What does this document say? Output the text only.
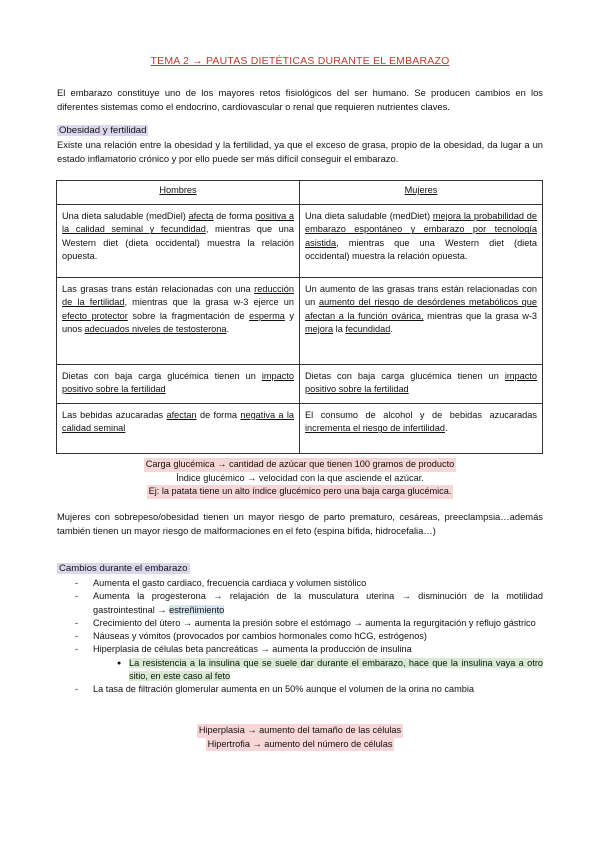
TEMA 2 → PAUTAS DIETÉTICAS DURANTE EL EMBARAZO
El embarazo constituye uno de los mayores retos fisiológicos del ser humano. Se producen cambios en los diferentes sistemas como el endocrino, cardiovascular o renal que requieren nutrientes claves.
Obesidad y fertilidad
Existe una relación entre la obesidad y la fertilidad, ya que el exceso de grasa, propio de la obesidad, da lugar a un estado inflamatorio crónico y por ello puede ser más difícil conseguir el embarazo.
Hombres	Mujeres
Una dieta saludable (medDiel) afecta de forma positiva a la calidad seminal y fecundidad, mientras que una Western diet (dieta occidental) muestra la relación opuesta.	Una dieta saludable (medDiet) mejora la probabilidad de embarazo espontáneo y embarazo por tecnología asistida, mientras que una Western diet (dieta occidental) muestra la relación opuesta.
Las grasas trans están relacionadas con una reducción de la fertilidad, mientras que la grasa w-3 ejerce un efecto protector sobre la fragmentación de esperma y unos adecuados niveles de testosterona.	Un aumento de las grasas trans están relacionadas con un aumento del riesgo de desórdenes metabólicos que afectan a la función ovárica, mientras que la grasa w-3 mejora la fecundidad.
Dietas con baja carga glucémica tienen un impacto positivo sobre la fertilidad	Dietas con baja carga glucémica tienen un impacto positivo sobre la fertilidad
Las bebidas azucaradas afectan de forma negativa a la calidad seminal	El consumo de alcohol y de bebidas azucaradas incrementa el riesgo de infertilidad.
Carga glucémica → cantidad de azúcar que tienen 100 gramos de producto
Índice glucémico → velocidad con la que asciende el azúcar.
Ej: la patata tiene un alto índice glucémico pero una baja carga glucémica.
Mujeres con sobrepeso/obesidad tienen un mayor riesgo de parto prematuro, cesáreas, preeclampsia…además también tienen un mayor riesgo de malformaciones en el feto (espina bífida, hidrocefalia…)
Cambios durante el embarazo
- Aumenta el gasto cardiaco, frecuencia cardiaca y volumen sistólico
- Aumenta la progesterona → relajación de la musculatura uterina → disminución de la motilidad gastrointestinal → estreñimiento
- Crecimiento del útero → aumenta la presión sobre el estómago → aumenta la regurgitación y reflujo gástrico
- Náuseas y vómitos (provocados por cambios hormonales como hCG, estrógenos)
- Hiperplasia de células beta pancreáticas → aumenta la producción de insulina
● La resistencia a la insulina que se suele dar durante el embarazo, hace que la insulina vaya a otro sitio, en este caso al feto
- La tasa de filtración glomerular aumenta en un 50% aunque el volumen de la orina no cambia
Hiperplasia → aumento del tamaño de las células
Hipertrofia → aumento del número de células
